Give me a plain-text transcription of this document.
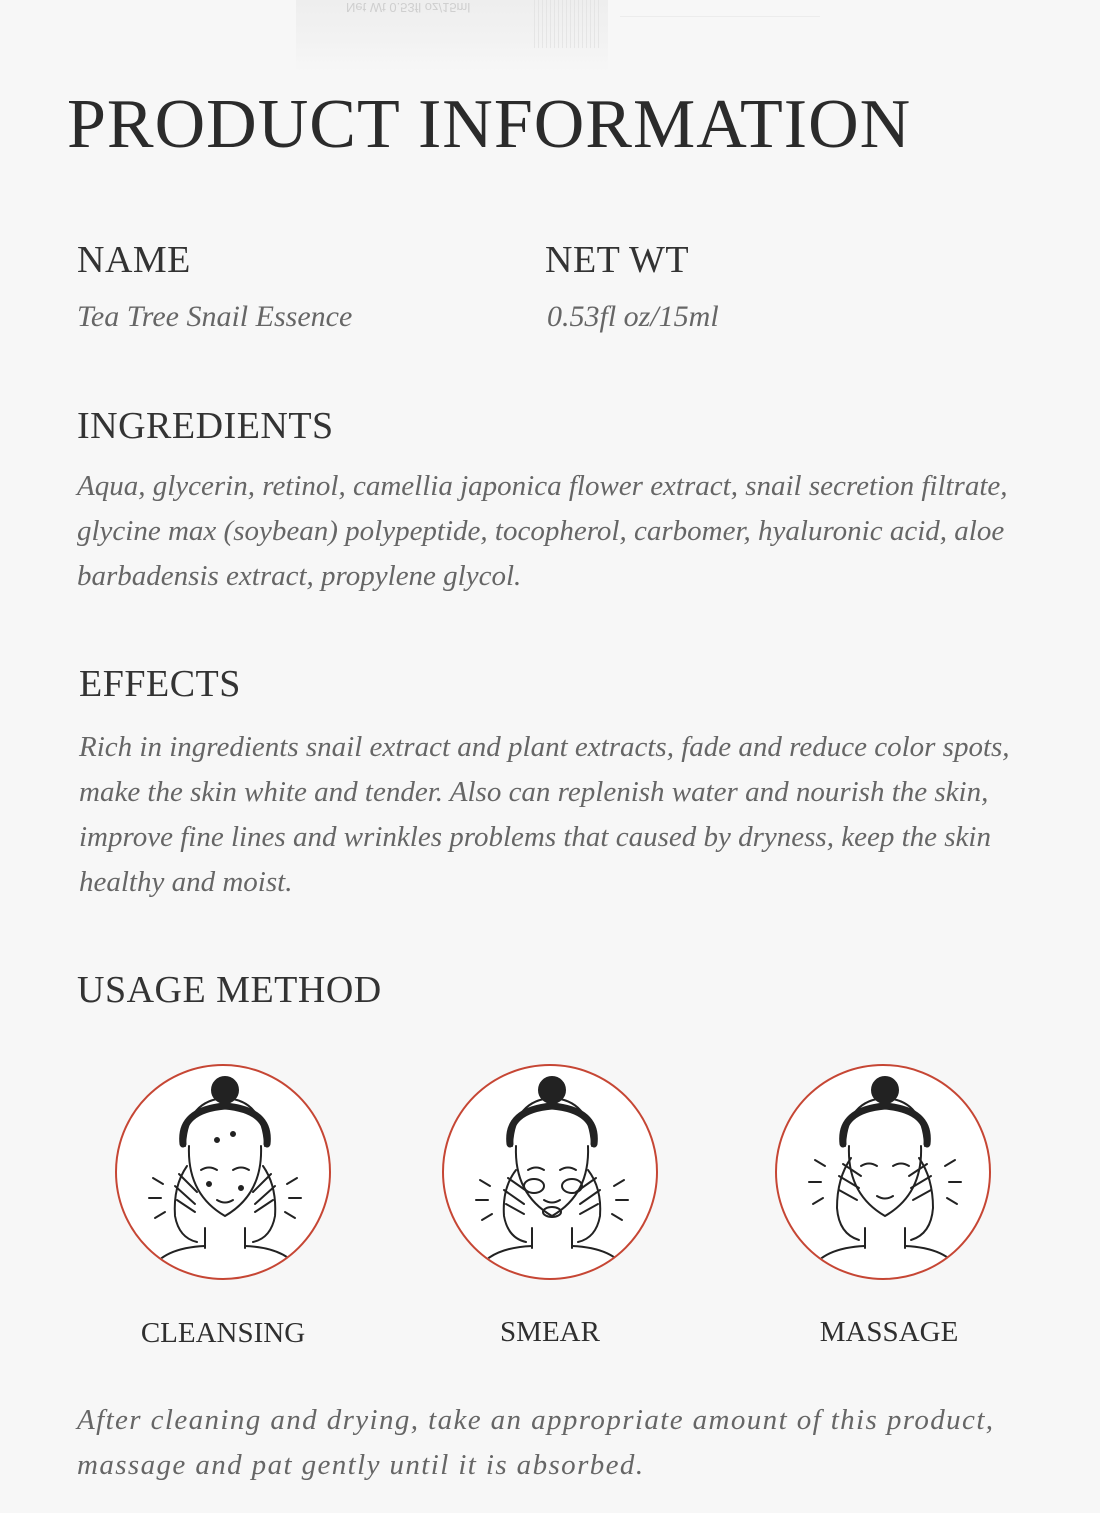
Net Wt 0.53fl oz/15ml
PRODUCT INFORMATION
NAME
Tea Tree Snail Essence
NET WT
0.53fl oz/15ml
INGREDIENTS
Aqua, glycerin, retinol, camellia japonica flower extract, snail secretion filtrate,
glycine max (soybean) polypeptide, tocopherol, carbomer, hyaluronic acid, aloe
barbadensis extract, propylene glycol.
EFFECTS
Rich in ingredients snail extract and plant extracts, fade and reduce color spots,
make the skin white and tender. Also can replenish water and nourish the skin,
improve fine lines and wrinkles problems that caused by dryness, keep the skin
healthy and moist.
USAGE METHOD
CLEANSING	SMEAR	MASSAGE
After cleaning and drying, take an appropriate amount of this product,
massage and pat gently until it is absorbed.
